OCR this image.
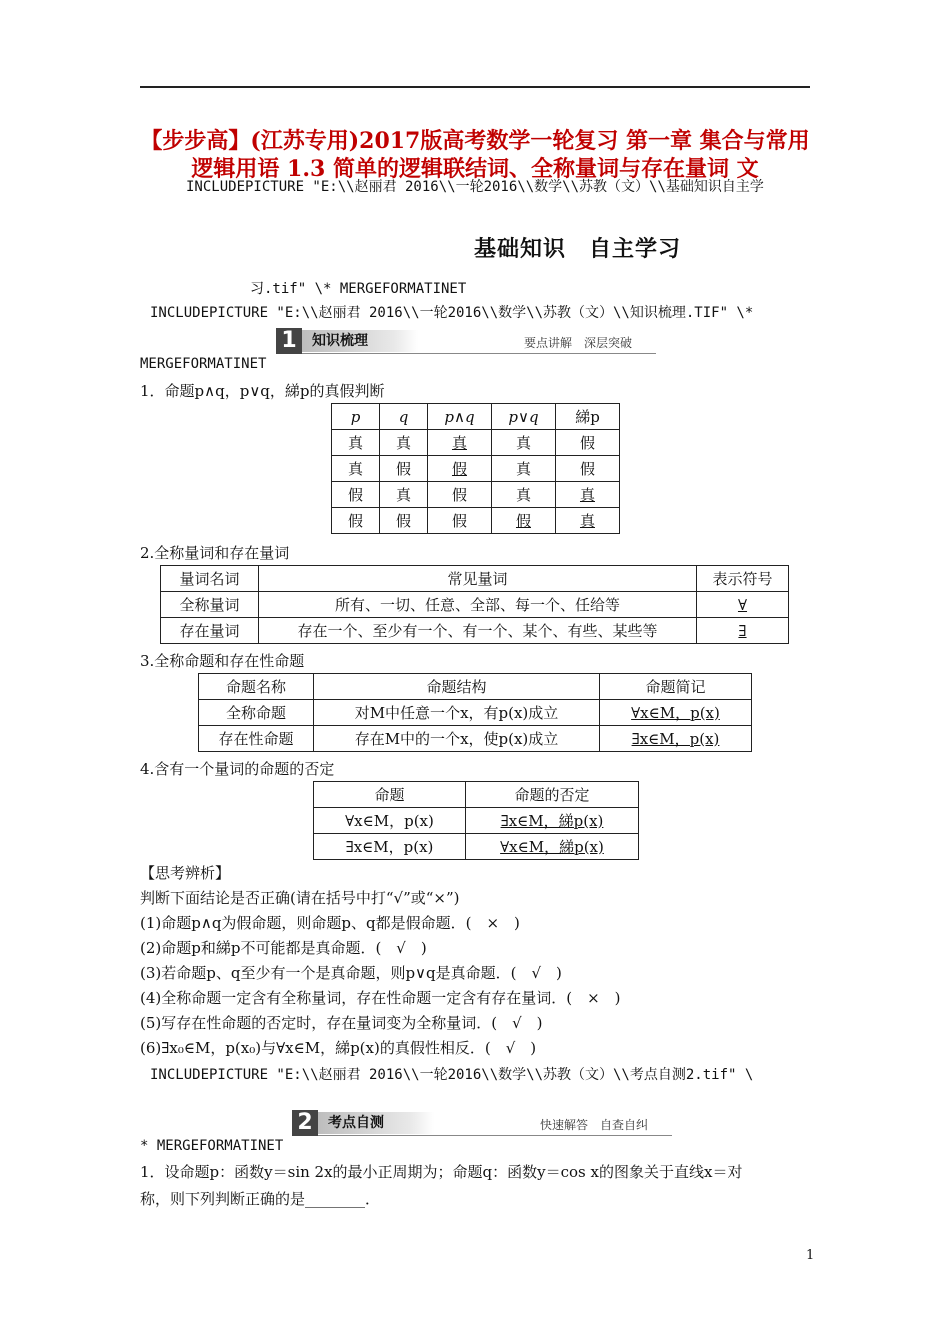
【步步高】(江苏专用)2017版高考数学一轮复习 第一章 集合与常用
逻辑用语 1.3 简单的逻辑联结词、全称量词与存在量词 文
INCLUDEPICTURE "E:\\赵丽君 2016\\一轮2016\\数学\\苏教（文）\\基础知识自主学
基础知识　自主学习
习.tif" \* MERGEFORMATINET
INCLUDEPICTURE "E:\\赵丽君 2016\\一轮2016\\数学\\苏教（文）\\知识梳理.TIF" \*
1	知识梳理	要点讲解　深层突破
MERGEFORMATINET
1．命题p∧q，p∨q，綈p的真假判断
p	q	p∧q	p∨q	綈p
真	真	真	真	假
真	假	假	真	假
假	真	假	真	真
假	假	假	假	真
2.全称量词和存在量词
量词名词	常见量词	表示符号
全称量词	所有、一切、任意、全部、每一个、任给等	∀
存在量词	存在一个、至少有一个、有一个、某个、有些、某些等	∃
3.全称命题和存在性命题
命题名称	命题结构	命题简记
全称命题	对M中任意一个x，有p(x)成立	∀x∈M，p(x)
存在性命题	存在M中的一个x，使p(x)成立	∃x∈M，p(x)
4.含有一个量词的命题的否定
命题	命题的否定
∀x∈M，p(x)	∃x∈M，綈p(x)
∃x∈M，p(x)	∀x∈M，綈p(x)
【思考辨析】
判断下面结论是否正确(请在括号中打“√”或“×”)
(1)命题p∧q为假命题，则命题p、q都是假命题．(　×　)
(2)命题p和綈p不可能都是真命题．(　√　)
(3)若命题p、q至少有一个是真命题，则p∨q是真命题．(　√　)
(4)全称命题一定含有全称量词，存在性命题一定含有存在量词．(　×　)
(5)写存在性命题的否定时，存在量词变为全称量词．(　√　)
(6)∃x₀∈M，p(x₀)与∀x∈M，綈p(x)的真假性相反．(　√　)
INCLUDEPICTURE "E:\\赵丽君 2016\\一轮2016\\数学\\苏教（文）\\考点自测2.tif" \
2	考点自测	快速解答　自查自纠
* MERGEFORMATINET
1．设命题p：函数y＝sin 2x的最小正周期为；命题q：函数y＝cos x的图象关于直线x＝对
称，则下列判断正确的是________．
1
